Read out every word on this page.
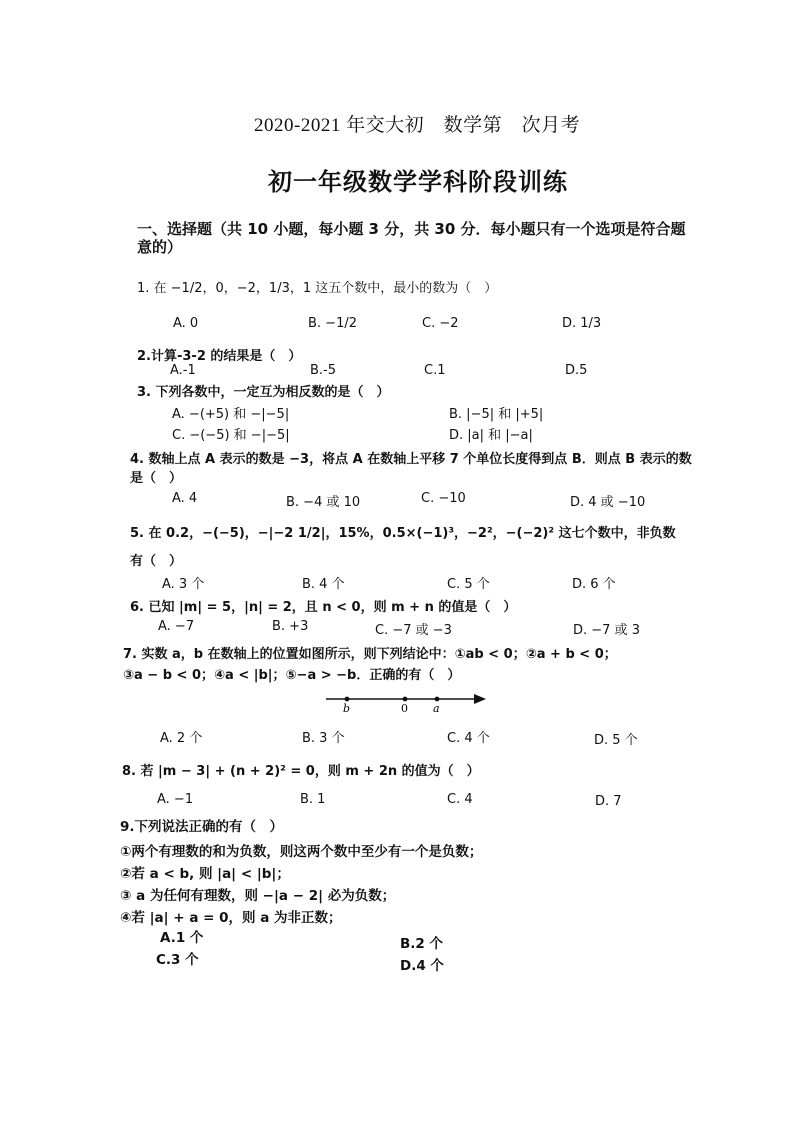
2020-2021 年交大初　数学第　次月考
初一年级数学学科阶段训练
一、选择题（共 10 小题，每小题 3 分，共 30 分．每小题只有一个选项是符合题
意的）
1. 在 −1/2，0，−2，1/3，1 这五个数中，最小的数为（　）
A. 0	B. −1/2	C. −2	D. 1/3
2.计算-3-2 的结果是（　）
A.-1	B.-5	C.1	D.5
3. 下列各数中，一定互为相反数的是（　）
A. −(+5) 和 −|−5|	B. |−5| 和 |+5|
C. −(−5) 和 −|−5|	D. |a| 和 |−a|
4. 数轴上点 A 表示的数是 −3，将点 A 在数轴上平移 7 个单位长度得到点 B．则点 B 表示的数
是（　）
A. 4	B. −4 或 10	C. −10	D. 4 或 −10
5. 在 0.2，−(−5)，−|−2 1/2|，15%，0.5×(−1)³，−2²，−(−2)² 这七个数中，非负数
有（　）
A. 3 个	B. 4 个	C. 5 个	D. 6 个
6. 已知 |m| = 5，|n| = 2，且 n < 0，则 m + n 的值是（　）
A. −7	B. +3	C. −7 或 −3	D. −7 或 3
7. 实数 a，b 在数轴上的位置如图所示，则下列结论中：①ab < 0；②a + b < 0；
③a − b < 0；④a < |b|；⑤−a > −b．正确的有（　）
b	0 a
A. 2 个	B. 3 个	C. 4 个	D. 5 个
8. 若 |m − 3| + (n + 2)² = 0，则 m + 2n 的值为（　）
A. −1	B. 1	C. 4	D. 7
9.下列说法正确的有（　）
①两个有理数的和为负数，则这两个数中至少有一个是负数；
②若 a < b, 则 |a| < |b|；
③ a 为任何有理数，则 −|a − 2| 必为负数；
④若 |a| + a = 0，则 a 为非正数；
A.1 个	B.2 个
C.3 个	D.4 个
